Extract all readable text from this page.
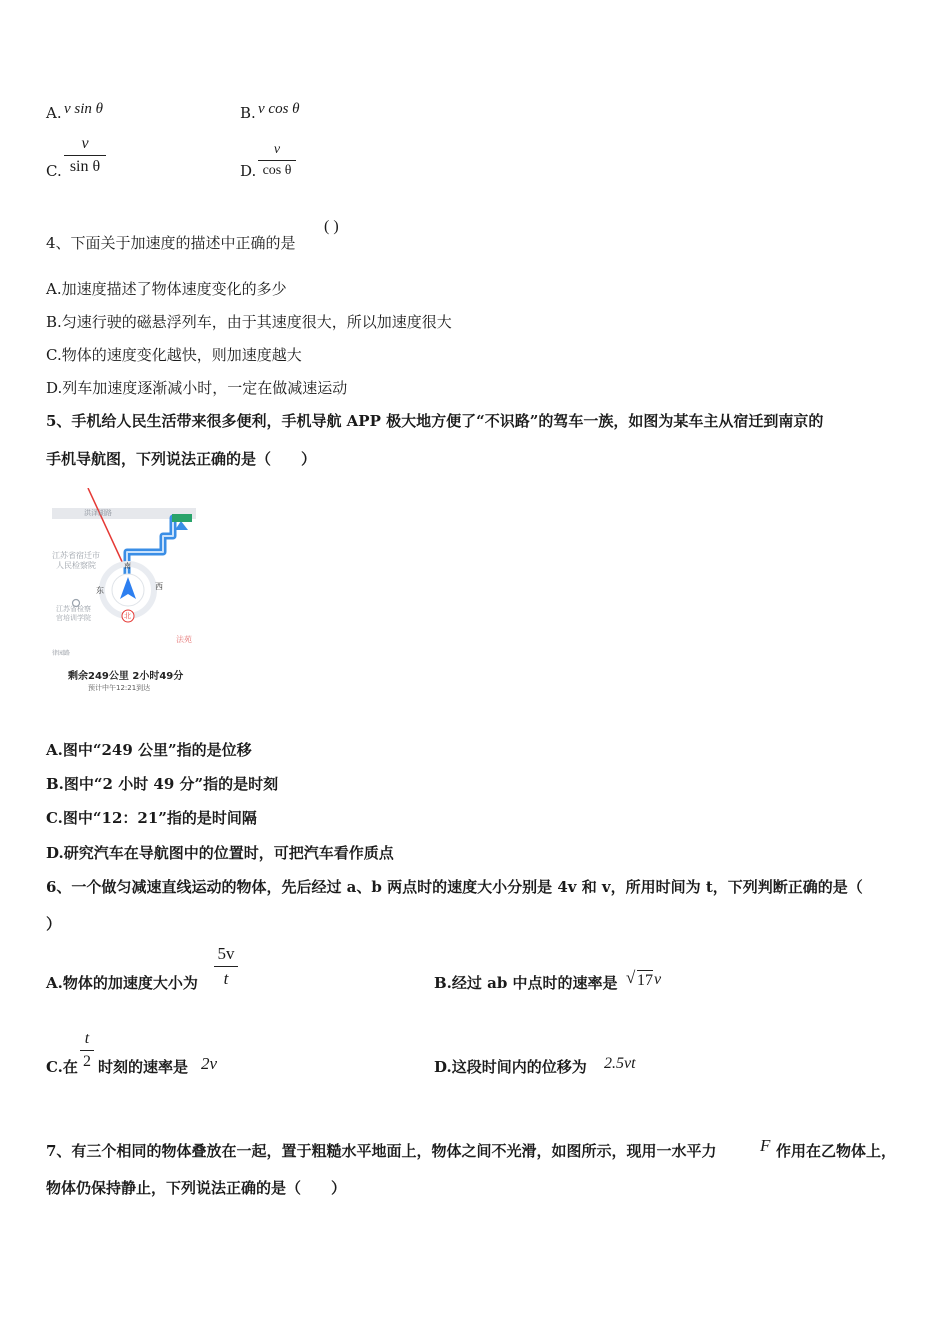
A. v sin θ	B. v cos θ
C.
v
sin θ	D.
v
cos θ
4、下面关于加速度的描述中正确的是
( )
A.加速度描述了物体速度变化的多少
B.匀速行驶的磁悬浮列车，由于其速度很大，所以加速度很大
C.物体的速度变化越快，则加速度越大
D.列车加速度逐渐减小时，一定在做减速运动
5、手机给人民生活带来很多便利，手机导航 APP 极大地方便了“不识路”的驾车一族，如图为某车主从宿迁到南京的
手机导航图，下列说法正确的是（　　）
洪泽湖路
江苏省宿迁市
人民检察院
江苏省检察
官培训学院
法苑
律园路
南
东	西
北
剩余249公里 2小时49分
预计中午12:21到达
A.图中“249 公里”指的是位移
B.图中“2 小时 49 分”指的是时刻
C.图中“12：21”指的是时间隔
D.研究汽车在导航图中的位置时，可把汽车看作质点
6、一个做匀减速直线运动的物体，先后经过 a、b 两点时的速度大小分别是 4v 和 v，所用时间为 t，下列判断正确的是（
）
A.物体的加速度大小为
5v
t	B.经过 ab 中点时的速率是 √ 17 v
C.在
t
2 时刻的速率是 2v	D.这段时间内的位移为 2.5vt
7、有三个相同的物体叠放在一起，置于粗糙水平地面上，物体之间不光滑，如图所示，现用一水平力	F 作用在乙物体上，
物体仍保持静止，下列说法正确的是（　　）
